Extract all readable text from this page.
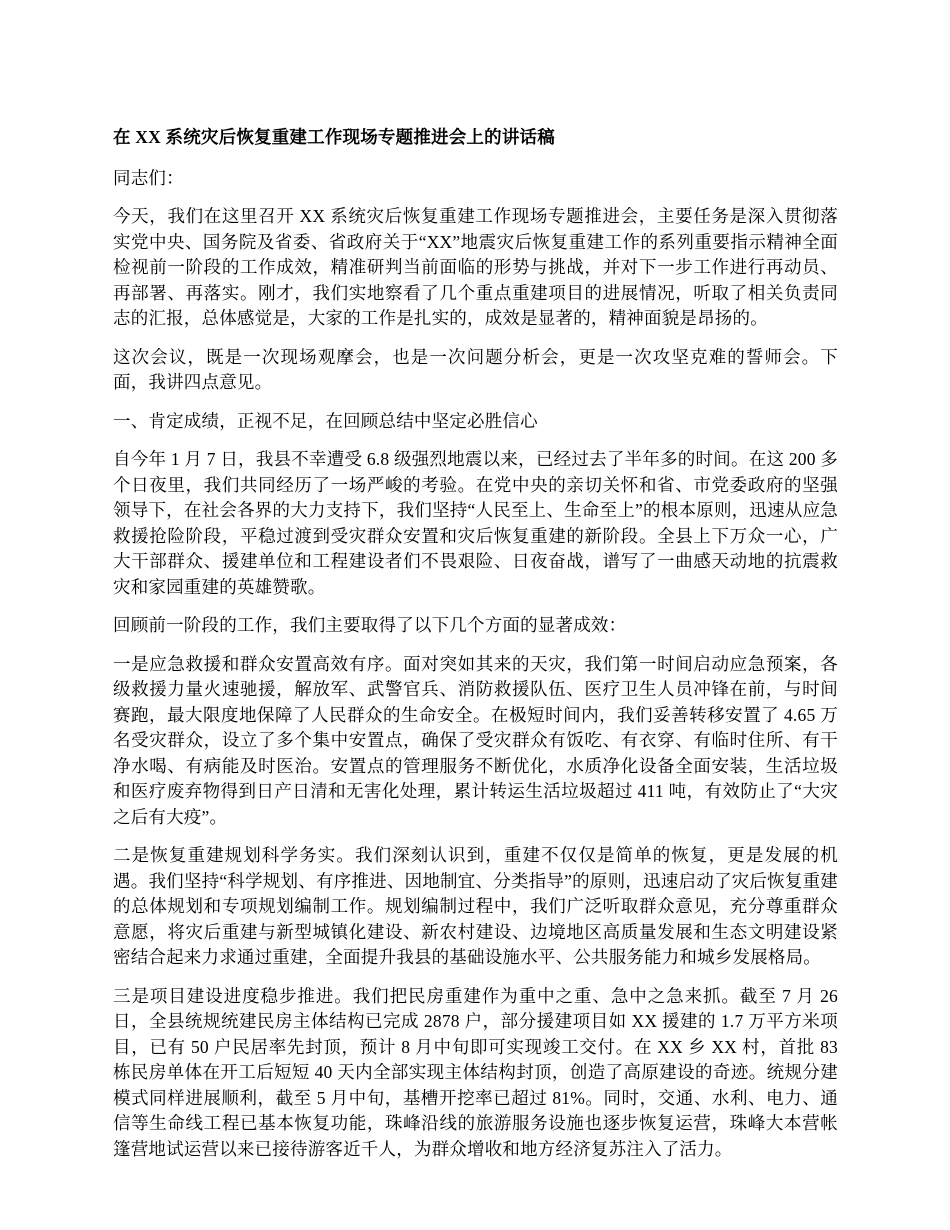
在 XX 系统灾后恢复重建工作现场专题推进会上的讲话稿
同志们：
今天，我们在这里召开 XX 系统灾后恢复重建工作现场专题推进会，主要任务是深入贯彻落实党中央、国务院及省委、省政府关于“XX”地震灾后恢复重建工作的系列重要指示精神全面检视前一阶段的工作成效，精准研判当前面临的形势与挑战，并对下一步工作进行再动员、再部署、再落实。刚才，我们实地察看了几个重点重建项目的进展情况，听取了相关负责同志的汇报，总体感觉是，大家的工作是扎实的，成效是显著的，精神面貌是昂扬的。
这次会议，既是一次现场观摩会，也是一次问题分析会，更是一次攻坚克难的誓师会。下面，我讲四点意见。
一、肯定成绩，正视不足，在回顾总结中坚定必胜信心
自今年 1 月 7 日，我县不幸遭受 6.8 级强烈地震以来，已经过去了半年多的时间。在这 200 多个日夜里，我们共同经历了一场严峻的考验。在党中央的亲切关怀和省、市党委政府的坚强领导下，在社会各界的大力支持下，我们坚持“人民至上、生命至上”的根本原则，迅速从应急救援抢险阶段，平稳过渡到受灾群众安置和灾后恢复重建的新阶段。全县上下万众一心，广大干部群众、援建单位和工程建设者们不畏艰险、日夜奋战，谱写了一曲感天动地的抗震救灾和家园重建的英雄赞歌。
回顾前一阶段的工作，我们主要取得了以下几个方面的显著成效：
一是应急救援和群众安置高效有序。面对突如其来的天灾，我们第一时间启动应急预案，各级救援力量火速驰援，解放军、武警官兵、消防救援队伍、医疗卫生人员冲锋在前，与时间赛跑，最大限度地保障了人民群众的生命安全。在极短时间内，我们妥善转移安置了 4.65 万名受灾群众，设立了多个集中安置点，确保了受灾群众有饭吃、有衣穿、有临时住所、有干净水喝、有病能及时医治。安置点的管理服务不断优化，水质净化设备全面安装，生活垃圾和医疗废弃物得到日产日清和无害化处理，累计转运生活垃圾超过 411 吨，有效防止了“大灾之后有大疫”。
二是恢复重建规划科学务实。我们深刻认识到，重建不仅仅是简单的恢复，更是发展的机遇。我们坚持“科学规划、有序推进、因地制宜、分类指导”的原则，迅速启动了灾后恢复重建的总体规划和专项规划编制工作。规划编制过程中，我们广泛听取群众意见，充分尊重群众意愿，将灾后重建与新型城镇化建设、新农村建设、边境地区高质量发展和生态文明建设紧密结合起来力求通过重建，全面提升我县的基础设施水平、公共服务能力和城乡发展格局。
三是项目建设进度稳步推进。我们把民房重建作为重中之重、急中之急来抓。截至 7 月 26 日，全县统规统建民房主体结构已完成 2878 户，部分援建项目如 XX 援建的 1.7 万平方米项目，已有 50 户民居率先封顶，预计 8 月中旬即可实现竣工交付。在 XX 乡 XX 村，首批 83 栋民房单体在开工后短短 40 天内全部实现主体结构封顶，创造了高原建设的奇迹。统规分建模式同样进展顺利，截至 5 月中旬，基槽开挖率已超过 81%。同时，交通、水利、电力、通信等生命线工程已基本恢复功能，珠峰沿线的旅游服务设施也逐步恢复运营，珠峰大本营帐篷营地试运营以来已接待游客近千人，为群众增收和地方经济复苏注入了活力。
